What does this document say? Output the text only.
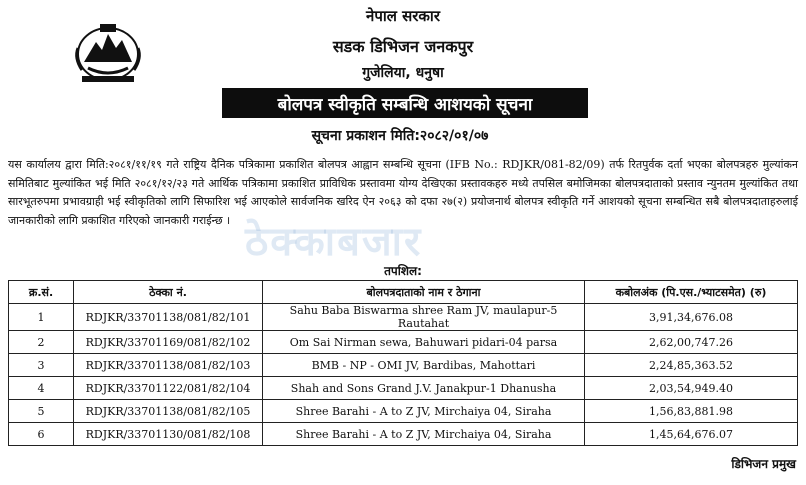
नेपाल सरकार
सडक डिभिजन जनकपुर
गुजेलिया, धनुषा
बोलपत्र स्वीकृति सम्बन्धि आशयको सूचना
सूचना प्रकाशन मिति:२०८२/०१/०७
यस कार्यालय द्वारा मिति:२०८१/११/१९ गते राष्ट्रिय दैनिक पत्रिकामा प्रकाशित बोलपत्र आह्वान सम्बन्धि सूचना (IFB No.: RDJKR/081-82/09) तर्फ रितपुर्वक दर्ता भएका बोलपत्रहरु मुल्यांकन समितिबाट मुल्यांकित भई मिति २०८१/१२/२३ गते आर्थिक पत्रिकामा प्रकाशित प्राविधिक प्रस्तावमा योग्य देखिएका प्रस्तावकहरु मध्ये तपसिल बमोजिमका बोलपत्रदाताको प्रस्ताव न्युनतम मुल्यांकित तथा सारभूतरुपमा प्रभावग्राही भई स्वीकृतिको लागि सिफारिश भई आएकोले सार्वजनिक खरिद ऐन २०६३ को दफा २७(२) प्रयोजनार्थ बोलपत्र स्वीकृति गर्ने आशयको सूचना सम्बन्धित सबै बोलपत्रदाताहरुलाई जानकारीको लागि प्रकाशित गरिएको जानकारी गराईन्छ । ठेक्काबजार
तपशिल:
क्र.सं.	ठेक्का नं.	बोलपत्रदाताको नाम र ठेगाना	कबोलअंक (पि.एस./भ्याटसमेत) (रु)
1	RDJKR/33701138/081/82/101	Sahu Baba Biswarma shree Ram JV, maulapur-5 Rautahat	3,91,34,676.08
2	RDJKR/33701169/081/82/102	Om Sai Nirman sewa, Bahuwari pidari-04 parsa	2,62,00,747.26
3	RDJKR/33701138/081/82/103	BMB - NP - OMI JV, Bardibas, Mahottari	2,24,85,363.52
4	RDJKR/33701122/081/82/104	Shah and Sons Grand J.V. Janakpur-1 Dhanusha	2,03,54,949.40
5	RDJKR/33701138/081/82/105	Shree Barahi - A to Z JV, Mirchaiya 04, Siraha	1,56,83,881.98
6	RDJKR/33701130/081/82/108	Shree Barahi - A to Z JV, Mirchaiya 04, Siraha	1,45,64,676.07
डिभिजन प्रमुख
